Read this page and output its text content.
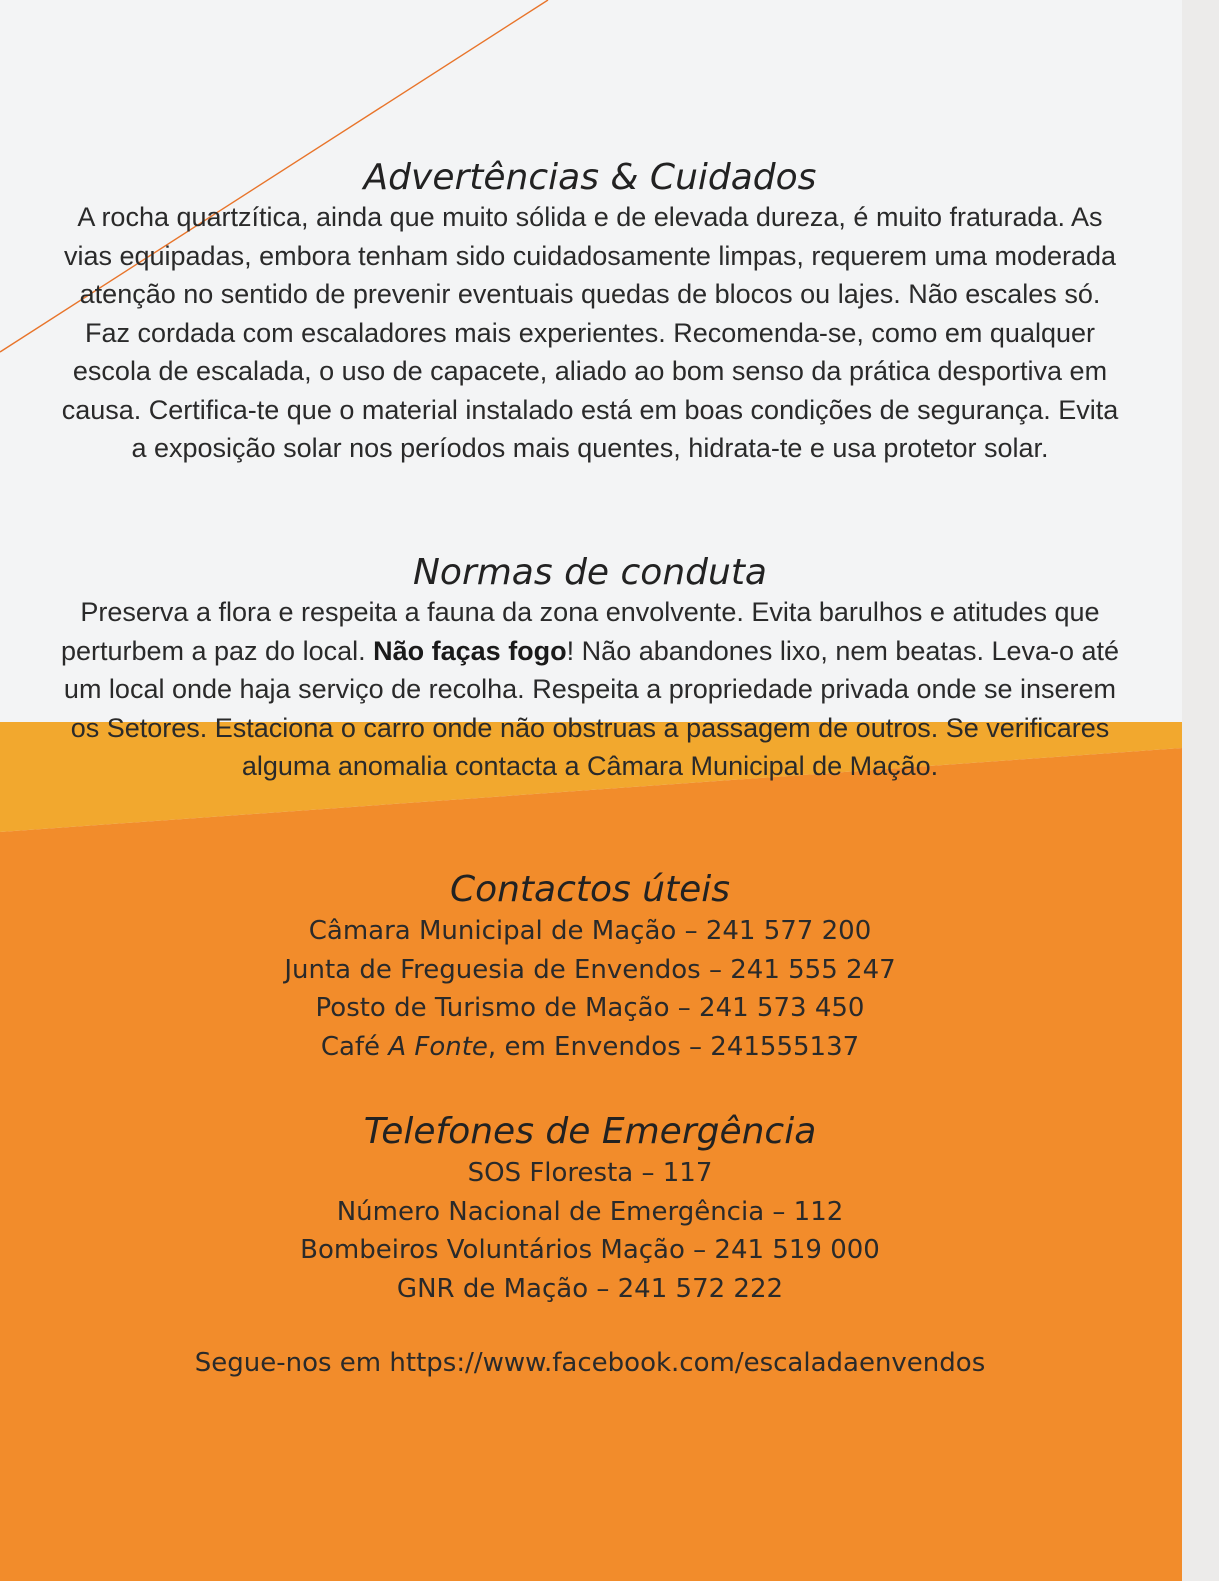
Advertências & Cuidados

A rocha quartzítica, ainda que muito sólida e de elevada dureza, é muito fraturada. As vias equipadas, embora tenham sido cuidadosamente limpas, requerem uma moderada atenção no sentido de prevenir eventuais quedas de blocos ou lajes. Não escales só. Faz cordada com escaladores mais experientes. Recomenda-se, como em qualquer escola de escalada, o uso de capacete, aliado ao bom senso da prática desportiva em causa. Certifica-te que o material instalado está em boas condições de segurança. Evita a exposição solar nos períodos mais quentes, hidrata-te e usa protetor solar.

Normas de conduta

Preserva a flora e respeita a fauna da zona envolvente. Evita barulhos e atitudes que perturbem a paz do local. Não faças fogo! Não abandones lixo, nem beatas. Leva-o até um local onde haja serviço de recolha. Respeita a propriedade privada onde se inserem os Setores. Estaciona o carro onde não obstruas a passagem de outros. Se verificares alguma anomalia contacta a Câmara Municipal de Mação.

Contactos úteis
Câmara Municipal de Mação – 241 577 200
Junta de Freguesia de Envendos – 241 555 247
Posto de Turismo de Mação – 241 573 450
Café A Fonte, em Envendos – 241555137
Telefones de Emergência
SOS Floresta – 117
Número Nacional de Emergência – 112
Bombeiros Voluntários Mação – 241 519 000
GNR de Mação – 241 572 222
Segue-nos em https://www.facebook.com/escaladaenvendos
